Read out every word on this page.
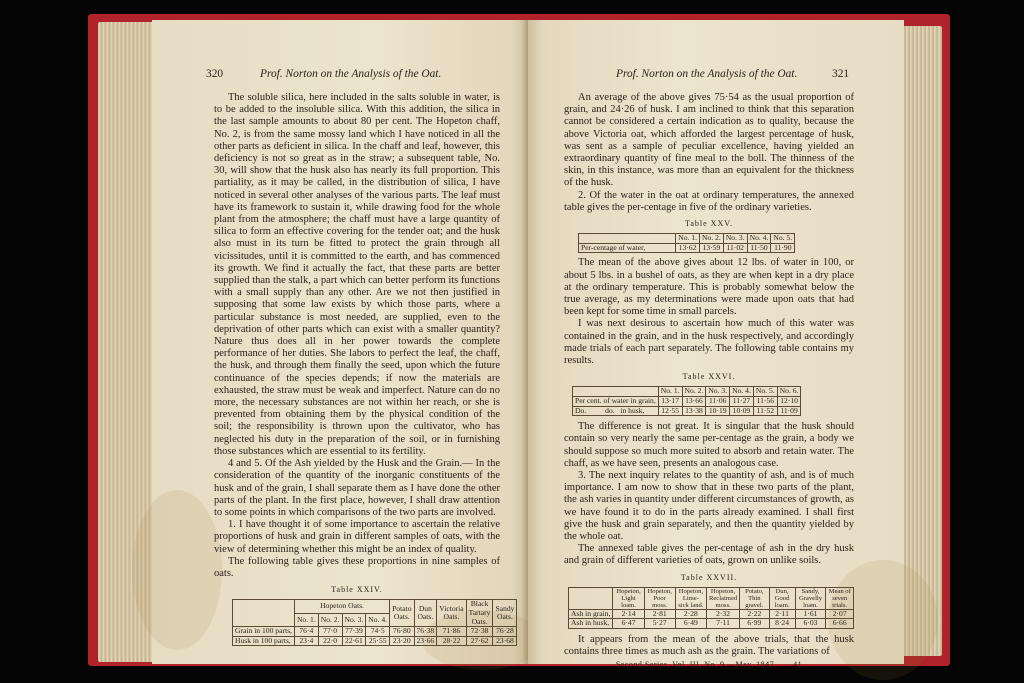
320	Prof. Norton on the Analysis of the Oat.

The soluble silica, here included in the salts soluble in water, is to be added to the insoluble silica. With this addition, the silica in the last sample amounts to about 80 per cent. The Hopeton chaff, No. 2, is from the same mossy land which I have noticed in all the other parts as deficient in silica. In the chaff and leaf, however, this deficiency is not so great as in the straw; a subsequent table, No. 30, will show that the husk also has nearly its full proportion. This partiality, as it may be called, in the distribution of silica, I have noticed in several other analyses of the various parts. The leaf must have its framework to sustain it, while drawing food for the whole plant from the atmosphere; the chaff must have a large quantity of silica to form an effective covering for the tender oat; and the husk also must in its turn be fitted to protect the grain through all vicissitudes, until it is committed to the earth, and has commenced its growth. We find it actually the fact, that these parts are better supplied than the stalk, a part which can better perform its functions with a small supply than any other. Are we not then justified in supposing that some law exists by which those parts, where a particular substance is most needed, are supplied, even to the deprivation of other parts which can exist with a smaller quantity? Nature thus does all in her power towards the complete performance of her duties. She labors to perfect the leaf, the chaff, the husk, and through them finally the seed, upon which the future continuance of the species depends; if now the materials are exhausted, the straw must be weak and imperfect. Nature can do no more, the necessary substances are not within her reach, or she is prevented from obtaining them by the physical condition of the soil; the responsibility is thrown upon the cultivator, who has neglected his duty in the preparation of the soil, or in furnishing those substances which are essential to its fertility.

4 and 5. Of the Ash yielded by the Husk and the Grain.— In the consideration of the quantity of the inorganic constituents of the husk and of the grain, I shall separate them as I have done the other parts of the plant. In the first place, however, I shall draw attention to some points in which comparisons of the two parts are involved.

1. I have thought it of some importance to ascertain the relative proportions of husk and grain in different samples of oats, with the view of determining whether this might be an index of quality.

The following table gives these proportions in nine samples of oats.

Table XXIV.
	Hopeton Oats.				Potato Oats.	Dun Oats.	Victoria Oats.	Black Tartary Oats.	Sandy Oats.
	No. 1.	No. 2.	No. 3.	No. 4.					
Grain in 100 parts,	76·4	77·0	77·39	74·5	76·80	76·38	71·86	72·38	76·28
Husk in 100 parts,	23·4	22·0	22·61	25·55	23·20	23·66	28·22	27·62	23·68
Prof. Norton on the Analysis of the Oat.	321

An average of the above gives 75·54 as the usual proportion of grain, and 24·26 of husk. I am inclined to think that this separation cannot be considered a certain indication as to quality, because the above Victoria oat, which afforded the largest percentage of husk, was sent as a sample of peculiar excellence, having yielded an extraordinary quantity of fine meal to the boll. The thinness of the skin, in this instance, was more than an equivalent for the thickness of the husk.

2. Of the water in the oat at ordinary temperatures, the annexed table gives the per-centage in five of the ordinary varieties.

Table XXV.
	No. 1.	No. 2.	No. 3.	No. 4.	No. 5.
Per-centage of water,	13·62	13·59	11·02	11·50	11·90

The mean of the above gives about 12 lbs. of water in 100, or about 5 lbs. in a bushel of oats, as they are when kept in a dry place at the ordinary temperature. This is probably somewhat below the true average, as my determinations were made upon oats that had been kept for some time in small parcels.

I was next desirous to ascertain how much of this water was contained in the grain, and in the husk respectively, and accordingly made trials of each part separately. The following table contains my results.

Table XXVI.
	No. 1.	No. 2.	No. 3.	No. 4.	No. 5.	No. 6.
Per cent. of water in grain,	13·17	13·66	11·06	11·27	11·56	12·10
Do.          do.   in husk,	12·55	13·38	10·19	10·09	11·52	11·09

The difference is not great. It is singular that the husk should contain so very nearly the same per-centage as the grain, a body we should suppose so much more suited to absorb and retain water. The chaff, as we have seen, presents an analogous case.

3. The next inquiry relates to the quantity of ash, and is of much importance. I am now to show that in these two parts of the plant, the ash varies in quantity under different circumstances of growth, as we have found it to do in the parts already examined. I shall first give the husk and grain separately, and then the quantity yielded by the whole oat.

The annexed table gives the per-centage of ash in the dry husk and grain of different varieties of oats, grown on unlike soils.

Table XXVII.
	Hopeton, Light loam.	Hopeton, Poor moss.	Hopeton, Lime-sick land.	Hopeton, Reclaimed moss.	Potato, Thin gravel.	Dun, Good loam.	Sandy, Gravelly loam.	Mean of seven trials.
Ash in grain,	2·14	2·81	2·28	2·32	2·22	2·11	1·61	2·07
Ash in husk,	6·47	5·27	6·49	7·11	6·99	8·24	6·03	6·66

It appears from the mean of the above trials, that the husk contains three times as much ash as the grain. The variations of

Second Series, Vol. III, No. 9.—May, 1847. 41
